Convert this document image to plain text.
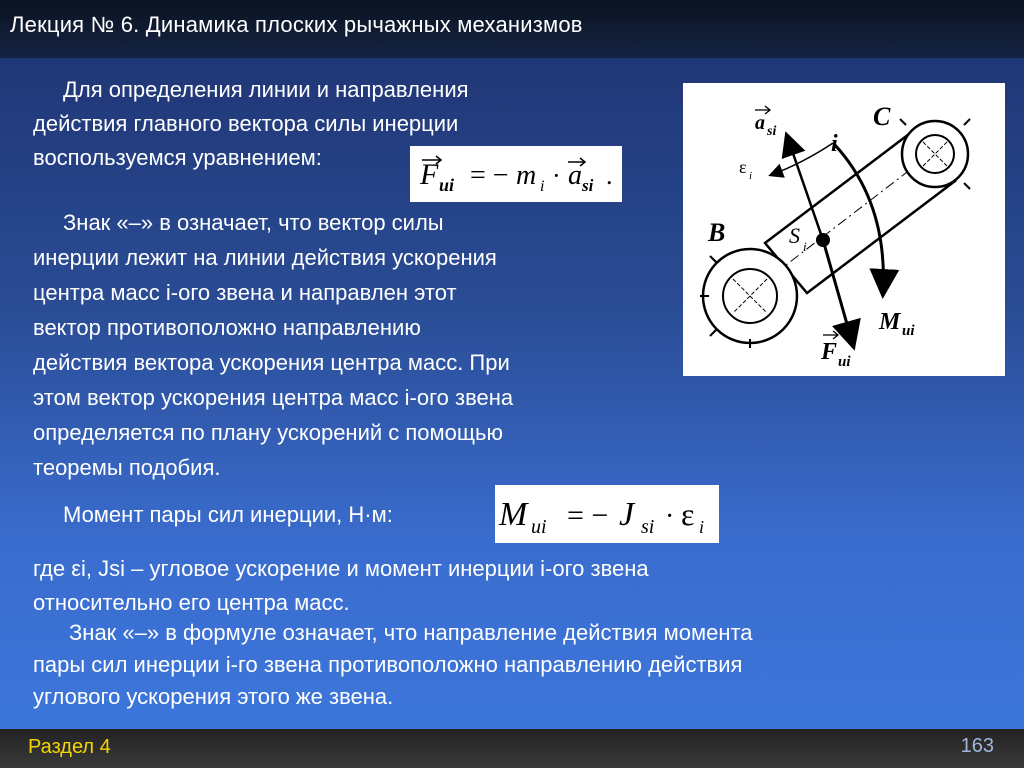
Лекция № 6. Динамика плоских рычажных механизмов

Для определения линии и направления
действия главного вектора силы инерции
воспользуемся уравнением:

F ui = − m i · a si .

Знак «–» в означает, что вектор силы
инерции лежит на линии действия ускорения
центра масс i-ого звена и направлен этот
вектор противоположно направлению
действия вектора ускорения центра масс. При
этом вектор ускорения центра масс i-ого звена
определяется по плану ускорений с помощью
теоремы подобия.

Момент пары сил инерции, Н·м:	M ui = − J si · ε i

где εi, Jsi – угловое ускорение и момент инерции i-ого звена
относительно его центра масс.

Знак «–» в формуле означает, что направление действия момента
пары сил инерции i-го звена противоположно направлению действия
углового ускорения этого же звена.

a si i
C
ε i
B	S i
M ui
F ui
Раздел 4	163
